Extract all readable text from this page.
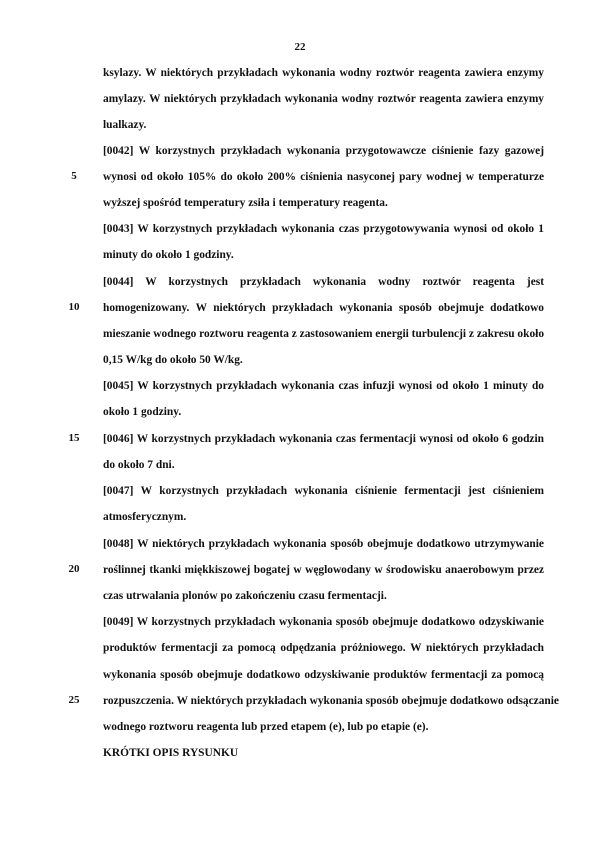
22
ksylazy. W niektórych przykładach wykonania wodny roztwór reagenta zawiera enzymy
amylazy. W niektórych przykładach wykonania wodny roztwór reagenta zawiera enzymy
lualkazy.
[0042] W korzystnych przykładach wykonania przygotowawcze ciśnienie fazy gazowej
wynosi od około 105% do około 200% ciśnienia nasyconej pary wodnej w temperaturze
wyższej spośród temperatury zsiła i temperatury reagenta.
[0043] W korzystnych przykładach wykonania czas przygotowywania wynosi od około 1
minuty do około 1 godziny.
[0044] W korzystnych przykładach wykonania wodny roztwór reagenta jest
homogenizowany. W niektórych przykładach wykonania sposób obejmuje dodatkowo
mieszanie wodnego roztworu reagenta z zastosowaniem energii turbulencji z zakresu około
0,15 W/kg do około 50 W/kg.
[0045] W korzystnych przykładach wykonania czas infuzji wynosi od około 1 minuty do
około 1 godziny.
[0046] W korzystnych przykładach wykonania czas fermentacji wynosi od około 6 godzin
do około 7 dni.
[0047] W korzystnych przykładach wykonania ciśnienie fermentacji jest ciśnieniem
atmosferycznym.
[0048] W niektórych przykładach wykonania sposób obejmuje dodatkowo utrzymywanie
roślinnej tkanki miękkiszowej bogatej w węglowodany w środowisku anaerobowym przez
czas utrwalania plonów po zakończeniu czasu fermentacji.
[0049] W korzystnych przykładach wykonania sposób obejmuje dodatkowo odzyskiwanie
produktów fermentacji za pomocą odpędzania próżniowego. W niektórych przykładach
wykonania sposób obejmuje dodatkowo odzyskiwanie produktów fermentacji za pomocą
rozpuszczenia. W niektórych przykładach wykonania sposób obejmuje dodatkowo odsączanie
wodnego roztworu reagenta lub przed etapem (e), lub po etapie (e).
KRÓTKI OPIS RYSUNKU
5
10
15
20
25
